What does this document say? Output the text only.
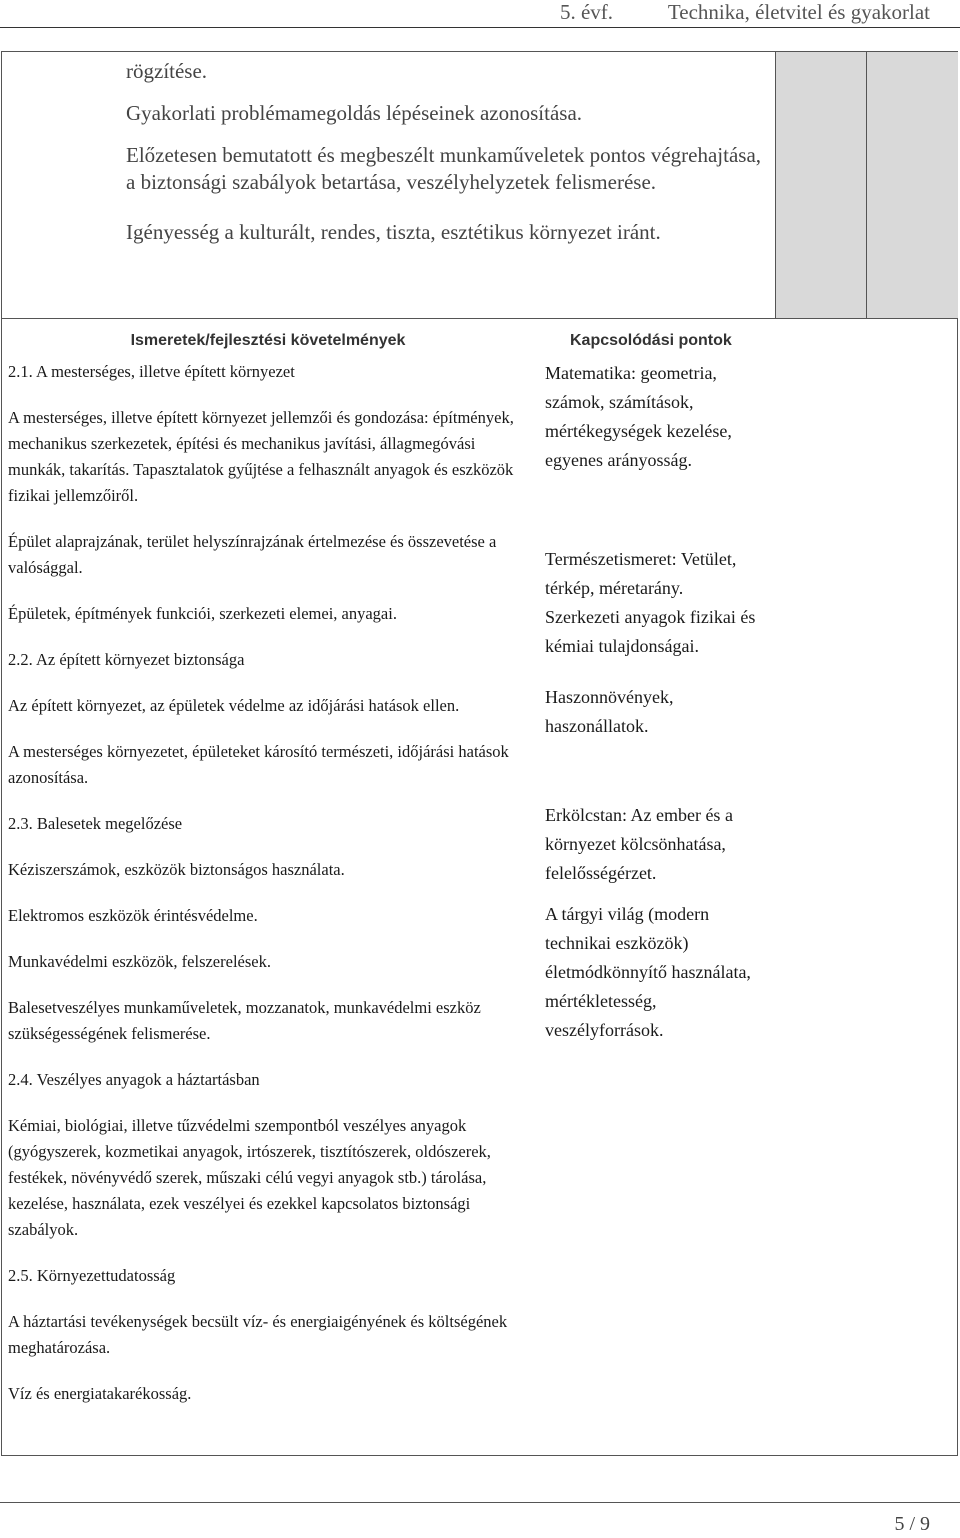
5. évf.	Technika, életvitel és gyakorlat

rögzítése.

Gyakorlati problémamegoldás lépéseinek azonosítása.

Előzetesen bemutatott és megbeszélt munkaműveletek pontos végrehajtása, a biztonsági szabályok betartása, veszélyhelyzetek felismerése.

Igényesség a kulturált, rendes, tiszta, esztétikus környezet iránt.

Ismeretek/fejlesztési követelmények

2.1. A mesterséges, illetve épített környezet

A mesterséges, illetve épített környezet jellemzői és gondozása: építmények, mechanikus szerkezetek, építési és mechanikus javítási, állagmegóvási munkák, takarítás. Tapasztalatok gyűjtése a felhasznált anyagok és eszközök fizikai jellemzőiről.

Épület alaprajzának, terület helyszínrajzának értelmezése és összevetése a valósággal.

Épületek, építmények funkciói, szerkezeti elemei, anyagai.

2.2. Az épített környezet biztonsága

Az épített környezet, az épületek védelme az időjárási hatások ellen.

A mesterséges környezetet, épületeket károsító természeti, időjárási hatások azonosítása.

2.3. Balesetek megelőzése

Kéziszerszámok, eszközök biztonságos használata.

Elektromos eszközök érintésvédelme.

Munkavédelmi eszközök, felszerelések.

Balesetveszélyes munkaműveletek, mozzanatok, munkavédelmi eszköz szükségességének felismerése.

2.4. Veszélyes anyagok a háztartásban

Kémiai, biológiai, illetve tűzvédelmi szempontból veszélyes anyagok (gyógyszerek, kozmetikai anyagok, irtószerek, tisztítószerek, oldószerek, festékek, növényvédő szerek, műszaki célú vegyi anyagok stb.) tárolása, kezelése, használata, ezek veszélyei és ezekkel kapcsolatos biztonsági szabályok.

2.5. Környezettudatosság

A háztartási tevékenységek becsült víz- és energiaigényének és költségének meghatározása.

Víz és energiatakarékosság.

Kapcsolódási pontok

Matematika: geometria, számok, számítások, mértékegységek kezelése, egyenes arányosság.

Természetismeret: Vetület, térkép, méretarány.

Szerkezeti anyagok fizikai és kémiai tulajdonságai.

Haszonnövények, haszonállatok.

Erkölcstan: Az ember és a környezet kölcsönhatása, felelősségérzet.

A tárgyi világ (modern technikai eszközök) életmódkönnyítő használata, mértékletesség, veszélyforrások.

5 / 9
